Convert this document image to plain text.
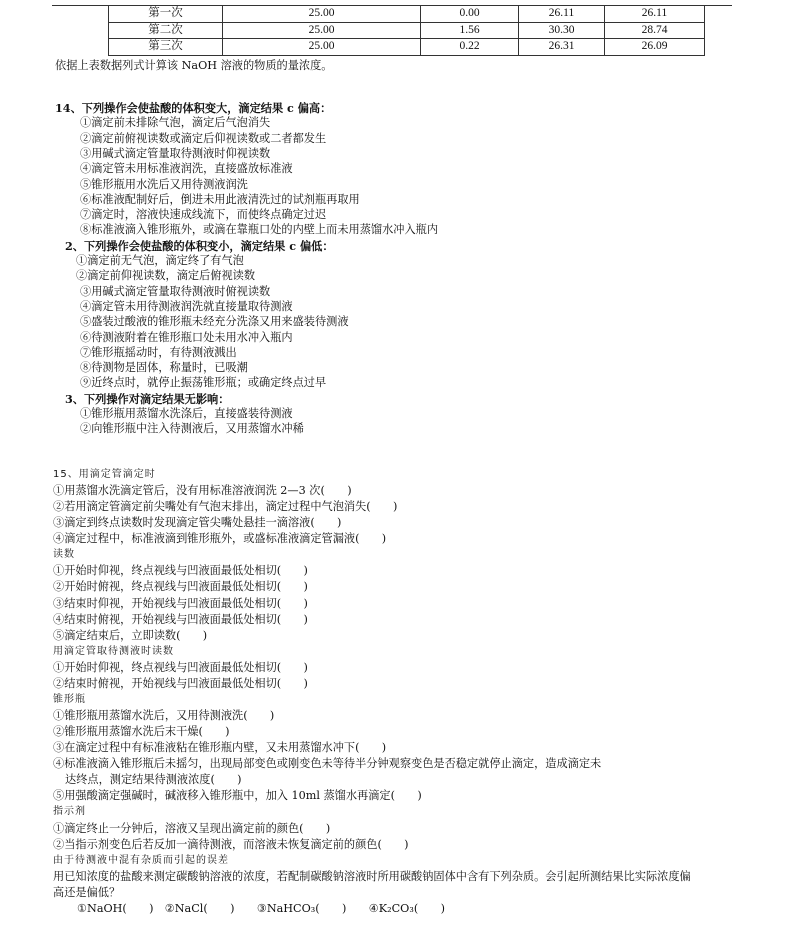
第一次	25.00	0.00	26.11	26.11
第二次	25.00	1.56	30.30	28.74
第三次	25.00	0.22	26.31	26.09
依据上表数据列式计算该 NaOH 溶液的物质的量浓度。
14、下列操作会使盐酸的体积变大，滴定结果 c 偏高：
①滴定前未排除气泡，滴定后气泡消失
②滴定前俯视读数或滴定后仰视读数或二者都发生
③用碱式滴定管量取待测液时仰视读数
④滴定管未用标准液润洗，直接盛放标准液
⑤锥形瓶用水洗后又用待测液润洗
⑥标准液配制好后，倒进未用此液清洗过的试剂瓶再取用
⑦滴定时，溶液快速成线流下，而使终点确定过迟
⑧标准液滴入锥形瓶外，或滴在靠瓶口处的内壁上而未用蒸馏水冲入瓶内
2、下列操作会使盐酸的体积变小，滴定结果 c 偏低：
①滴定前无气泡，滴定终了有气泡
②滴定前仰视读数，滴定后俯视读数
③用碱式滴定管量取待测液时俯视读数
④滴定管未用待测液润洗就直接量取待测液
⑤盛装过酸液的锥形瓶未经充分洗涤又用来盛装待测液
⑥待测液附着在锥形瓶口处未用水冲入瓶内
⑦锥形瓶摇动时，有待测液溅出
⑧待测物是固体，称量时，已吸潮
⑨近终点时，就停止振荡锥形瓶；或确定终点过早
3、下列操作对滴定结果无影响：
①锥形瓶用蒸馏水洗涤后，直接盛装待测液
②向锥形瓶中注入待测液后，又用蒸馏水冲稀
15、用滴定管滴定时
①用蒸馏水洗滴定管后，没有用标准溶液润洗 2—3 次(　　)
②若用滴定管滴定前尖嘴处有气泡末排出，滴定过程中气泡消失(　　)
③滴定到终点读数时发现滴定管尖嘴处悬挂一滴溶液(　　)
④滴定过程中，标准液滴到锥形瓶外，或盛标准液滴定管漏液(　　)
读数
①开始时仰视，终点视线与凹液面最低处相切(　　)
②开始时俯视，终点视线与凹液面最低处相切(　　)
③结束时仰视，开始视线与凹液面最低处相切(　　)
④结束时俯视，开始视线与凹液面最低处相切(　　)
⑤滴定结束后，立即读数(　　)
用滴定管取待测液时读数
①开始时仰视，终点视线与凹液面最低处相切(　　)
②结束时俯视，开始视线与凹液面最低处相切(　　)
锥形瓶
①锥形瓶用蒸馏水洗后，又用待测液洗(　　)
②锥形瓶用蒸馏水洗后末干燥(　　)
③在滴定过程中有标准液粘在锥形瓶内壁，又未用蒸馏水冲下(　　)
④标准液滴入锥形瓶后未摇匀，出现局部变色或刚变色未等待半分钟观察变色是否稳定就停止滴定，造成滴定未
达终点，测定结果待测液浓度(　　)
⑤用强酸滴定强碱时，碱液移入锥形瓶中，加入 10ml 蒸馏水再滴定(　　)
指示剂
①滴定终止一分钟后，溶液又呈现出滴定前的颜色(　　)
②当指示剂变色后若反加一滴待测液，而溶液未恢复滴定前的颜色(　　)
由于待测液中混有杂质而引起的误差
用已知浓度的盐酸来测定碳酸钠溶液的浓度，若配制碳酸钠溶液时所用碳酸钠固体中含有下列杂质。会引起所测结果比实际浓度偏
高还是偏低？
①NaOH(　　)　②NaCl(　　)　　③NaHCO₃(　　)　　④K₂CO₃(　　)
